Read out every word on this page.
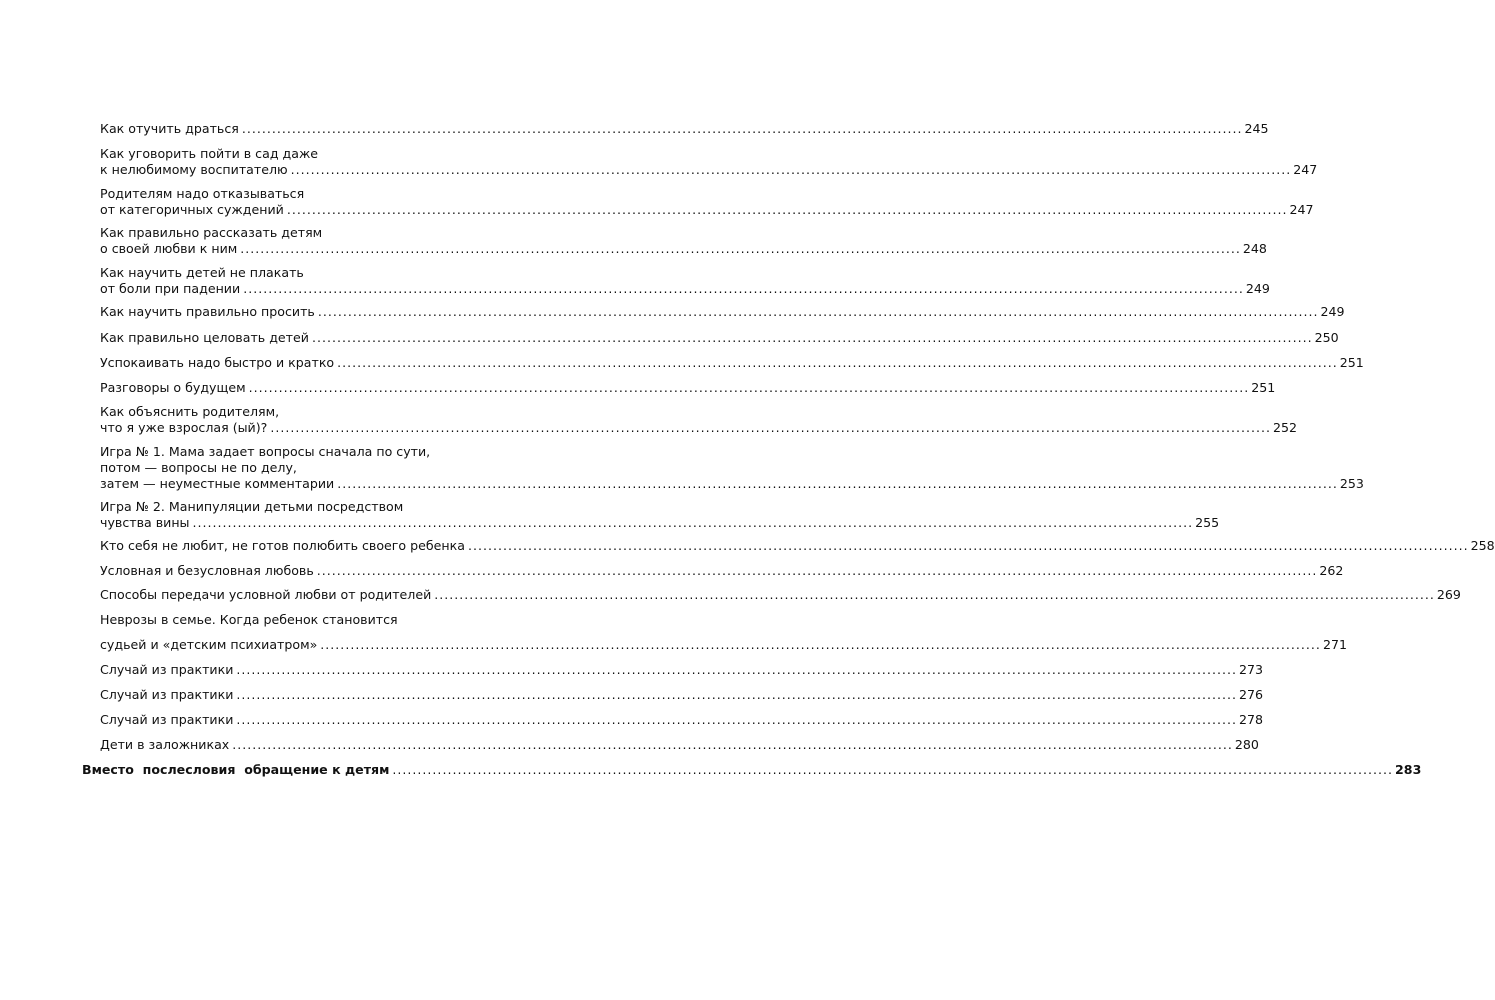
Как отучить драться ........................................................................................................................................................................................................ 245
Как уговорить пойти в сад даже
к нелюбимому воспитателю ........................................................................................................................................................................................................ 247
Родителям надо отказываться
от категоричных суждений ........................................................................................................................................................................................................ 247
Как правильно рассказать детям
о своей любви к ним ........................................................................................................................................................................................................ 248
Как научить детей не плакать
от боли при падении ........................................................................................................................................................................................................ 249
Как научить правильно просить ........................................................................................................................................................................................................ 249
Как правильно целовать детей ........................................................................................................................................................................................................ 250
Успокаивать надо быстро и кратко ........................................................................................................................................................................................................ 251
Разговоры о будущем ........................................................................................................................................................................................................ 251
Как объяснить родителям,
что я уже взрослая (ый)? ........................................................................................................................................................................................................ 252
Игра № 1. Мама задает вопросы сначала по сути,
потом — вопросы не по делу,
затем — неуместные комментарии ........................................................................................................................................................................................................ 253
Игра № 2. Манипуляции детьми посредством
чувства вины ........................................................................................................................................................................................................ 255
Кто себя не любит, не готов полюбить своего ребенка ........................................................................................................................................................................................................ 258
Условная и безусловная любовь ........................................................................................................................................................................................................ 262
Способы передачи условной любви от родителей ........................................................................................................................................................................................................ 269
Неврозы в семье. Когда ребенок становится
судьей и «детским психиатром» ........................................................................................................................................................................................................ 271
Случай из практики ........................................................................................................................................................................................................ 273
Случай из практики ........................................................................................................................................................................................................ 276
Случай из практики ........................................................................................................................................................................................................ 278
Дети в заложниках ........................................................................................................................................................................................................ 280
Вместо  послесловия  обращение к детям ........................................................................................................................................................................................................ 283
